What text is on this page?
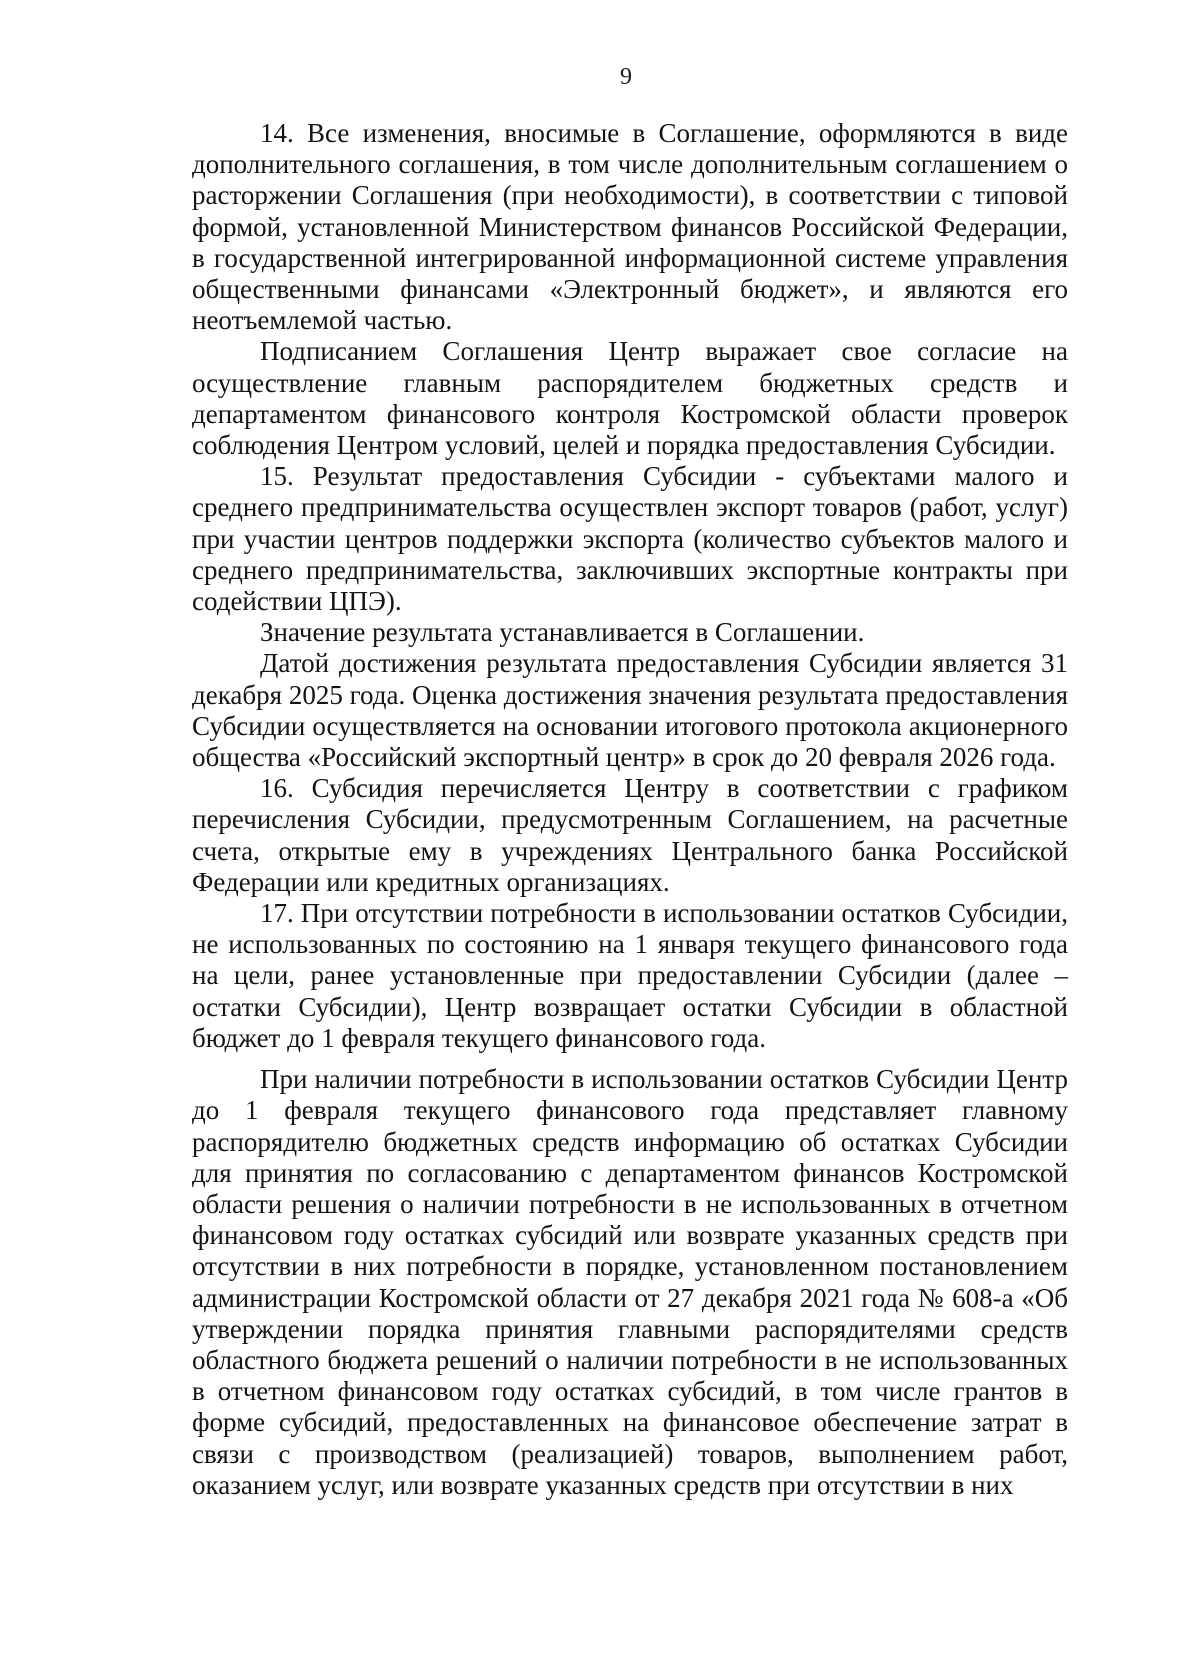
9

14. Все изменения, вносимые в Соглашение, оформляются в виде дополнительного соглашения, в том числе дополнительным соглашением о расторжении Соглашения (при необходимости), в соответствии с типовой формой, установленной Министерством финансов Российской Федерации, в государственной интегрированной информационной системе управления общественными финансами «Электронный бюджет», и являются его неотъемлемой частью.

Подписанием Соглашения Центр выражает свое согласие на осуществление главным распорядителем бюджетных средств и департаментом финансового контроля Костромской области проверок соблюдения Центром условий, целей и порядка предоставления Субсидии.

15. Результат предоставления Субсидии - субъектами малого и среднего предпринимательства осуществлен экспорт товаров (работ, услуг) при участии центров поддержки экспорта (количество субъектов малого и среднего предпринимательства, заключивших экспортные контракты при содействии ЦПЭ).

Значение результата устанавливается в Соглашении.

Датой достижения результата предоставления Субсидии является 31 декабря 2025 года. Оценка достижения значения результата предоставления Субсидии осуществляется на основании итогового протокола акционерного общества «Российский экспортный центр» в срок до 20 февраля 2026 года.

16. Субсидия перечисляется Центру в соответствии с графиком перечисления Субсидии, предусмотренным Соглашением, на расчетные счета, открытые ему в учреждениях Центрального банка Российской Федерации или кредитных организациях.

17. При отсутствии потребности в использовании остатков Субсидии, не использованных по состоянию на 1 января текущего финансового года на цели, ранее установленные при предоставлении Субсидии (далее – остатки Субсидии), Центр возвращает остатки Субсидии в областной бюджет до 1 февраля текущего финансового года.

При наличии потребности в использовании остатков Субсидии Центр до 1 февраля текущего финансового года представляет главному распорядителю бюджетных средств информацию об остатках Субсидии для принятия по согласованию с департаментом финансов Костромской области решения о наличии потребности в не использованных в отчетном финансовом году остатках субсидий или возврате указанных средств при отсутствии в них потребности в порядке, установленном постановлением администрации Костромской области от 27 декабря 2021 года № 608-а «Об утверждении порядка принятия главными распорядителями средств областного бюджета решений о наличии потребности в не использованных в отчетном финансовом году остатках субсидий, в том числе грантов в форме субсидий, предоставленных на финансовое обеспечение затрат в связи с производством (реализацией) товаров, выполнением работ, оказанием услуг, или возврате указанных средств при отсутствии в них
